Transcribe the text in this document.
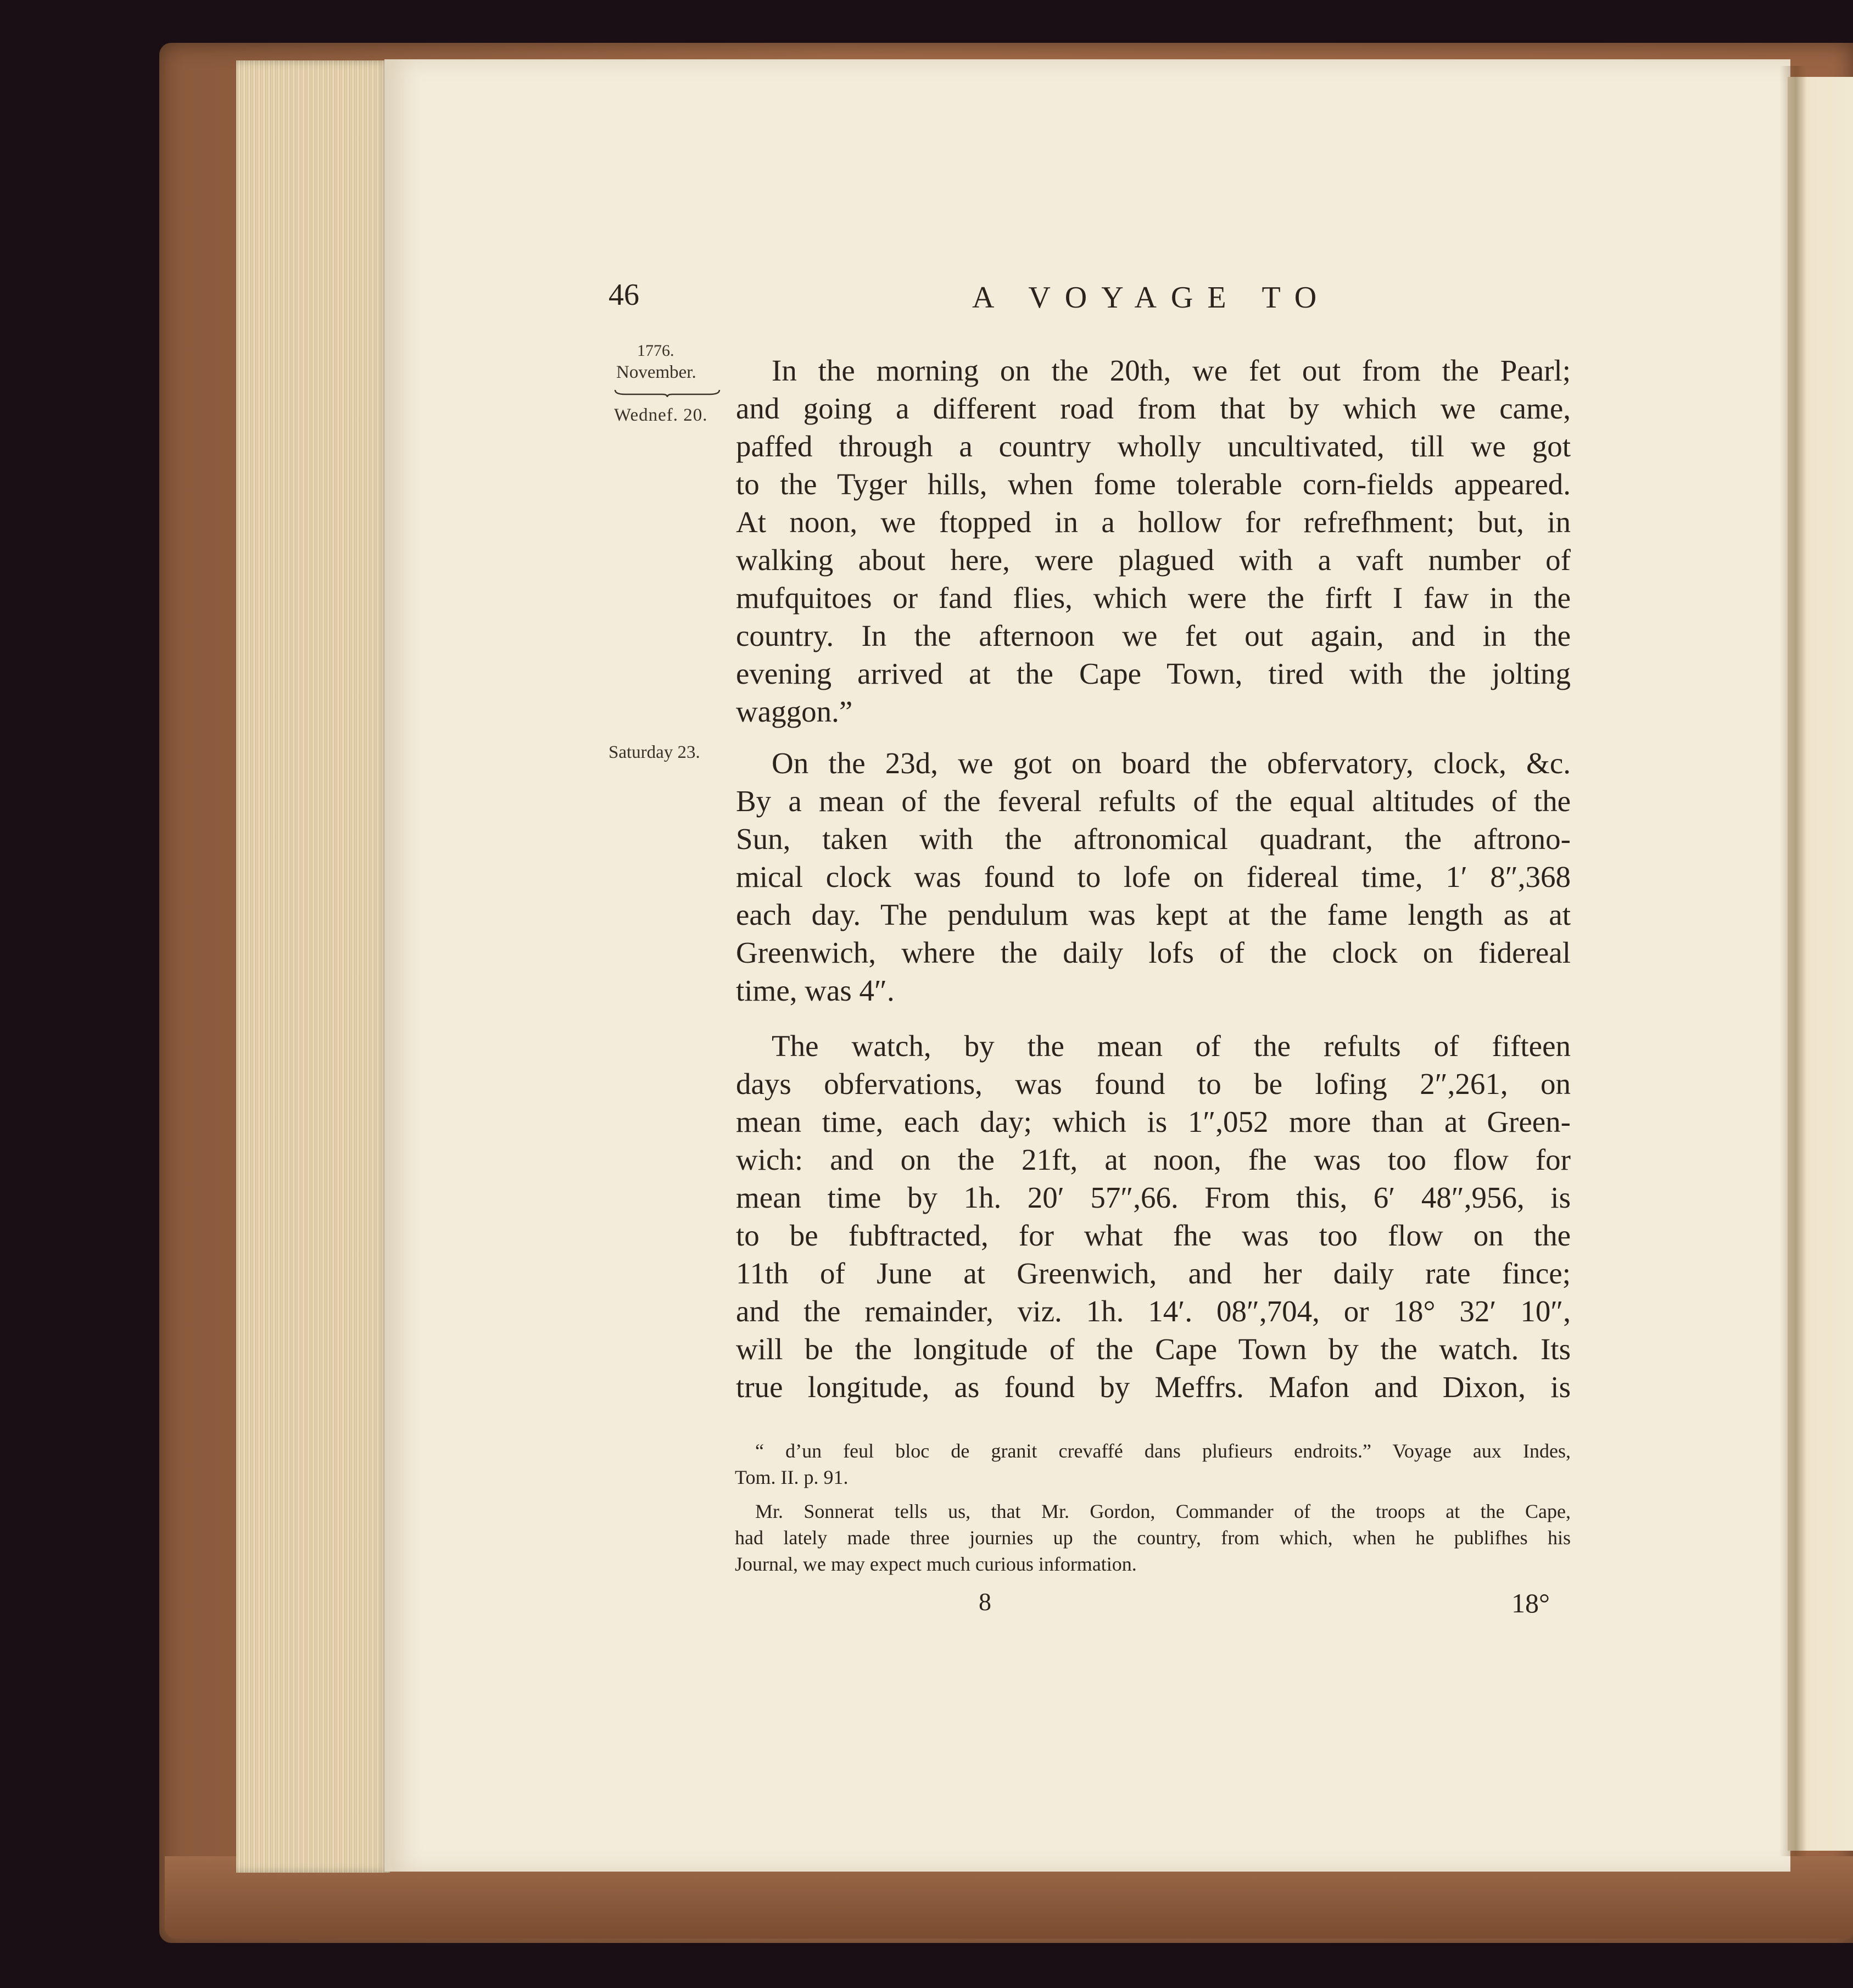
46	A VOYAGE TO
1776.
November.
Wednef. 20.
Saturday 23.
In the morning on the 20th, we fet out from the Pearl;
and going a different road from that by which we came,
paffed through a country wholly uncultivated, till we got
to the Tyger hills, when fome tolerable corn-fields appeared.
At noon, we ftopped in a hollow for refrefhment; but, in
walking about here, were plagued with a vaft number of
mufquitoes or fand flies, which were the firft I faw in the
country. In the afternoon we fet out again, and in the
evening arrived at the Cape Town, tired with the jolting
waggon.”
On the 23d, we got on board the obfervatory, clock, &c.
By a mean of the feveral refults of the equal altitudes of the
Sun, taken with the aftronomical quadrant, the aftrono-
mical clock was found to lofe on fidereal time, 1′ 8″,368
each day. The pendulum was kept at the fame length as at
Greenwich, where the daily lofs of the clock on fidereal
time, was 4″.
The watch, by the mean of the refults of fifteen
days obfervations, was found to be lofing 2″,261, on
mean time, each day; which is 1″,052 more than at Green-
wich: and on the 21ft, at noon, fhe was too flow for
mean time by 1h. 20′ 57″,66. From this, 6′ 48″,956, is
to be fubftracted, for what fhe was too flow on the
11th of June at Greenwich, and her daily rate fince;
and the remainder, viz. 1h. 14′. 08″,704, or 18° 32′ 10″,
will be the longitude of the Cape Town by the watch. Its
true longitude, as found by Meffrs. Mafon and Dixon, is
“ d’un feul bloc de granit crevaffé dans plufieurs endroits.” Voyage aux Indes,
Tom. II. p. 91.
Mr. Sonnerat tells us, that Mr. Gordon, Commander of the troops at the Cape,
had lately made three journies up the country, from which, when he publifhes his
Journal, we may expect much curious information.
8	18°
